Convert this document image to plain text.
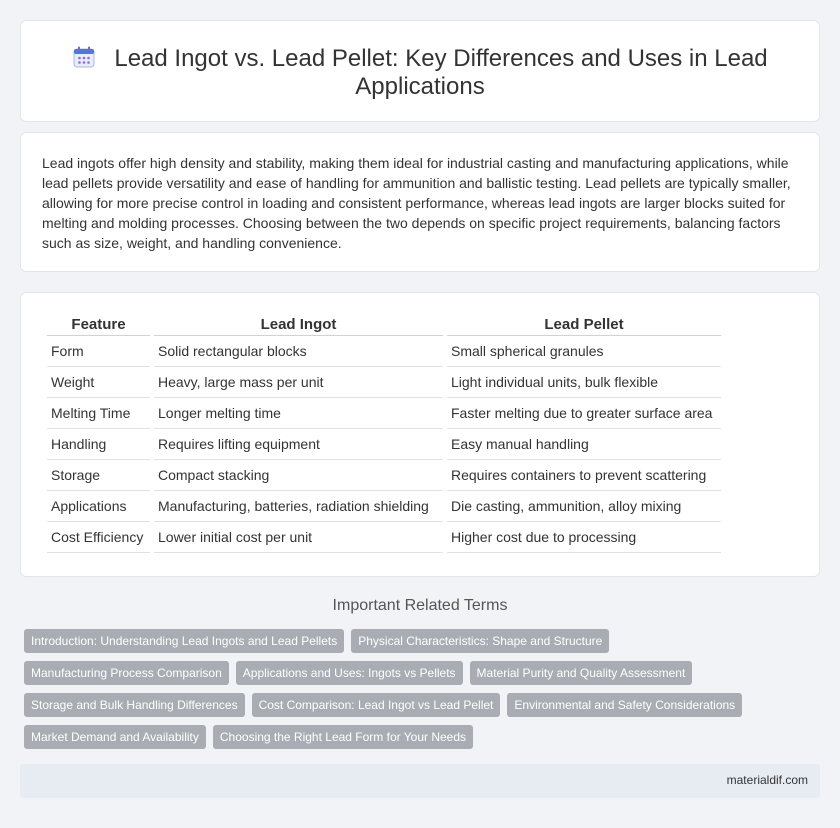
Lead Ingot vs. Lead Pellet: Key Differences and Uses in Lead Applications

Lead ingots offer high density and stability, making them ideal for industrial casting and manufacturing applications, while lead pellets provide versatility and ease of handling for ammunition and ballistic testing. Lead pellets are typically smaller, allowing for more precise control in loading and consistent performance, whereas lead ingots are larger blocks suited for melting and molding processes. Choosing between the two depends on specific project requirements, balancing factors such as size, weight, and handling convenience.

Feature	Lead Ingot	Lead Pellet
Form	Solid rectangular blocks	Small spherical granules
Weight	Heavy, large mass per unit	Light individual units, bulk flexible
Melting Time	Longer melting time	Faster melting due to greater surface area
Handling	Requires lifting equipment	Easy manual handling
Storage	Compact stacking	Requires containers to prevent scattering
Applications	Manufacturing, batteries, radiation shielding	Die casting, ammunition, alloy mixing
Cost Efficiency	Lower initial cost per unit	Higher cost due to processing
Important Related Terms
Introduction: Understanding Lead Ingots and Lead Pellets	Physical Characteristics: Shape and Structure
Manufacturing Process Comparison	Applications and Uses: Ingots vs Pellets	Material Purity and Quality Assessment
Storage and Bulk Handling Differences	Cost Comparison: Lead Ingot vs Lead Pellet	Environmental and Safety Considerations
Market Demand and Availability	Choosing the Right Lead Form for Your Needs
materialdif.com
